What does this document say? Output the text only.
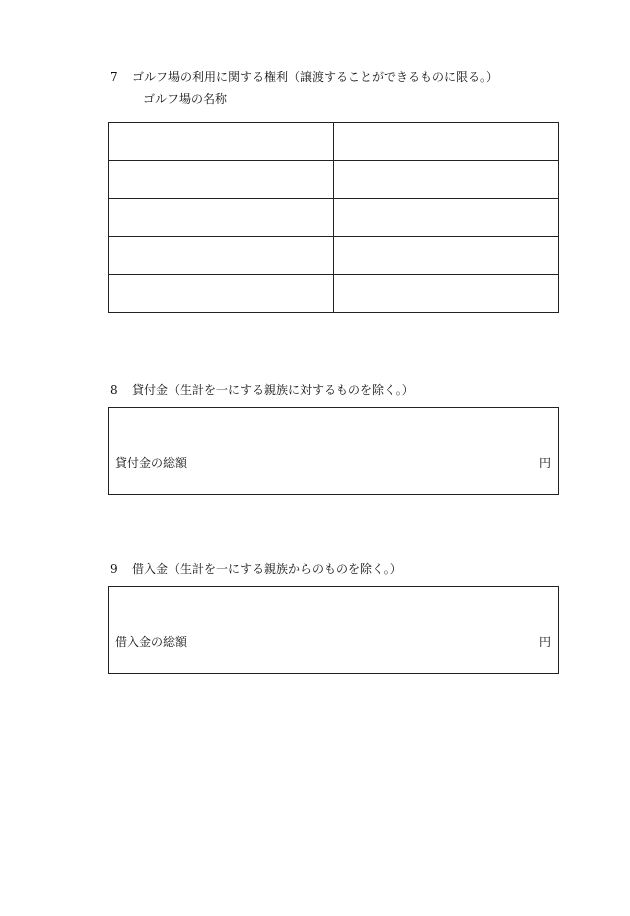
7 ゴルフ場の利用に関する権利（譲渡することができるものに限る。）
ゴルフ場の名称

8 貸付金（生計を一にする親族に対するものを除く。）
貸付金の総額	円
9 借入金（生計を一にする親族からのものを除く。）
借入金の総額	円
